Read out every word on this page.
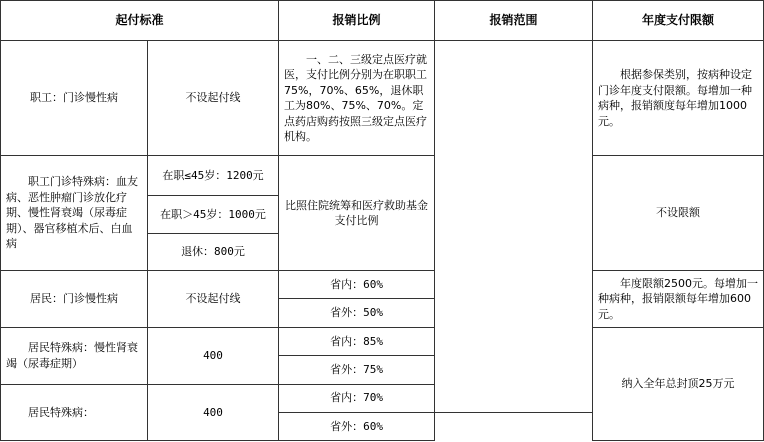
起付标准		报销比例	报销范围	年度支付限额
职工：门诊慢性病	不设起付线	一、二、三级定点医疗就医，支付比例分别为在职职工75%，70%、65%，退休职工为80%、75%、70%。定点药店购药按照三级定点医疗机构。		根据参保类别，按病种设定门诊年度支付限额。每增加一种病种，报销额度每年增加1000元。
职工门诊特殊病：血友病、恶性肿瘤门诊放化疗期、慢性肾衰竭（尿毒症期）、器官移植术后、白血病	在职≤45岁：1200元	比照住院统筹和医疗救助基金支付比例		不设限额
	在职＞45岁：1000元			
	退休：800元			
居民：门诊慢性病	不设起付线	省内：60%		年度限额2500元。每增加一种病种，报销限额每年增加600元。
		省外：50%		
居民特殊病：慢性肾衰竭（尿毒症期）	400	省内：85%		纳入全年总封顶25万元
		省外：75%		
居民特殊病：	400	省内：70%		
		省外：60%		
